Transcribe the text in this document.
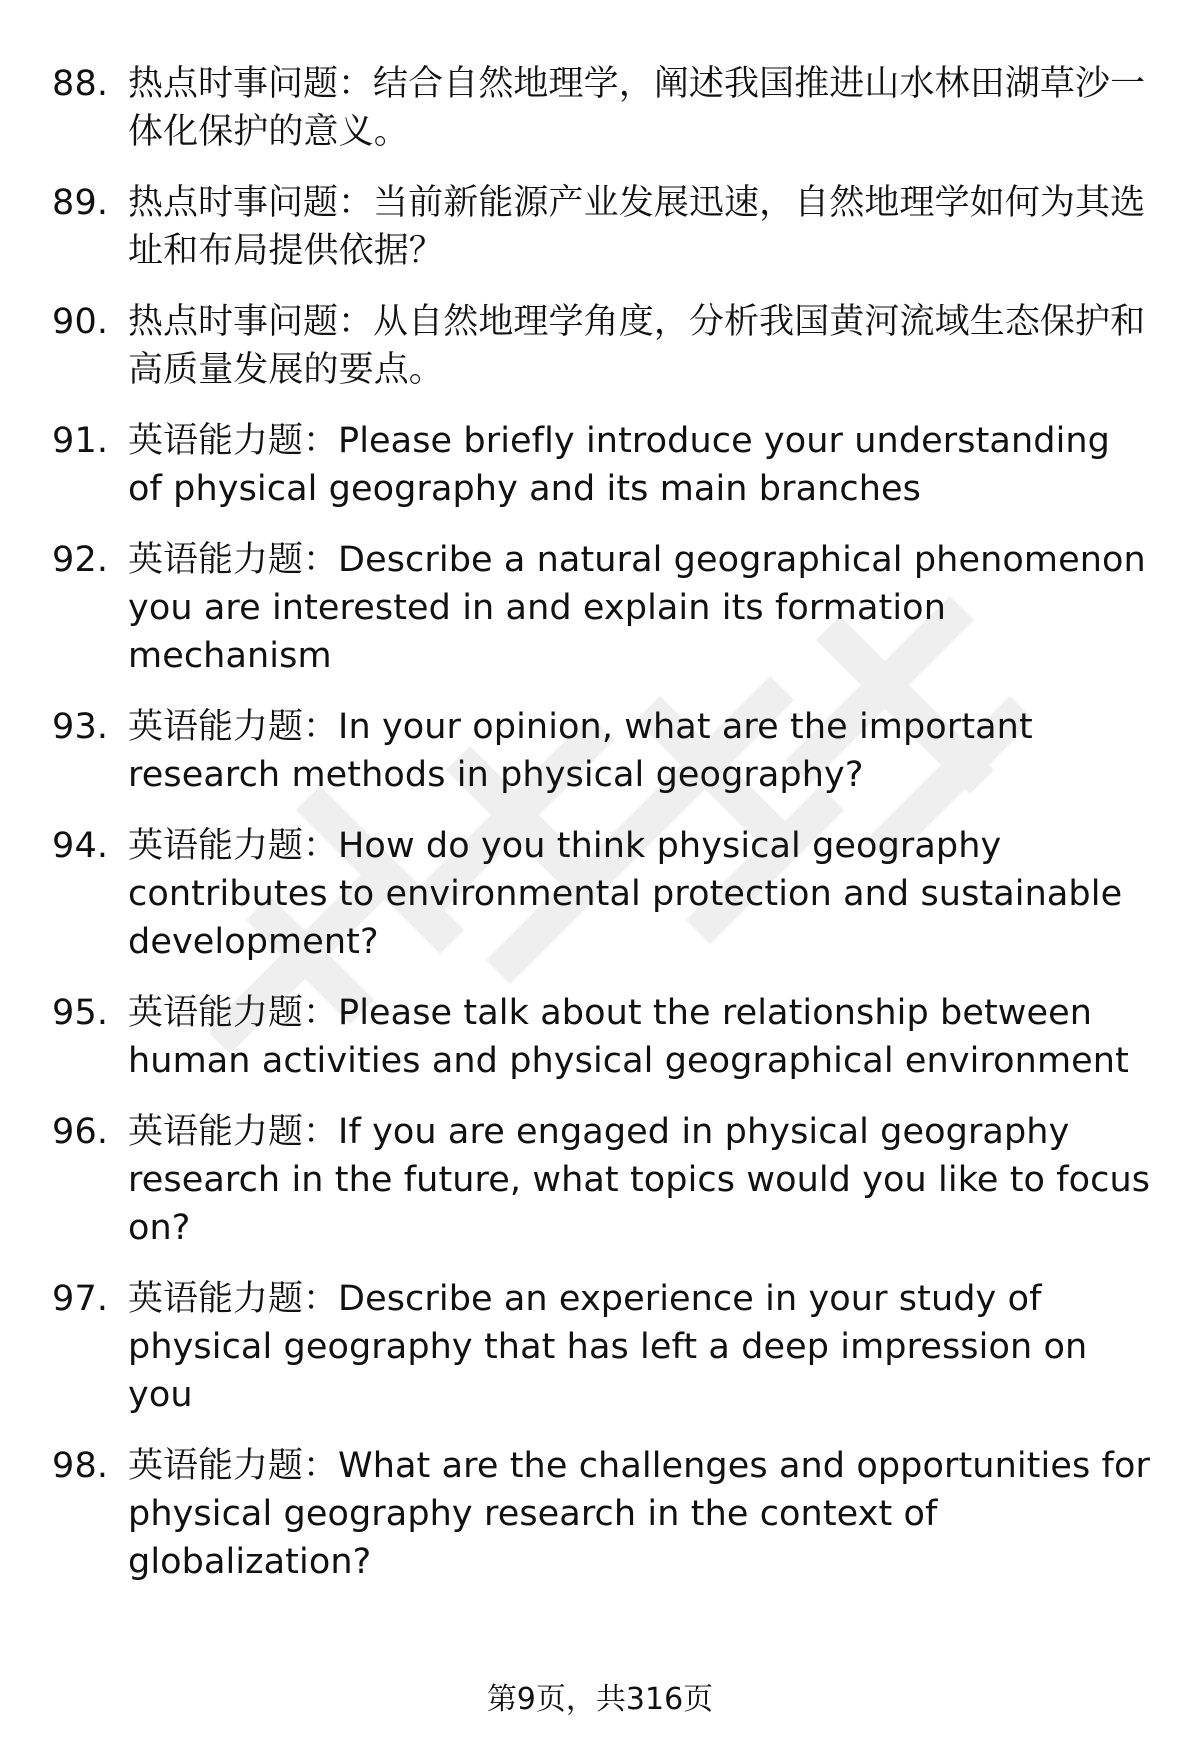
88. 热点时事问题：结合自然地理学，阐述我国推进山水林田湖草沙一体化保护的意义。
89. 热点时事问题：当前新能源产业发展迅速，自然地理学如何为其选址和布局提供依据？
90. 热点时事问题：从自然地理学角度，分析我国黄河流域生态保护和高质量发展的要点。
91. 英语能力题：Please briefly introduce your understanding of physical geography and its main branches
92. 英语能力题：Describe a natural geographical phenomenon you are interested in and explain its formation mechanism
93. 英语能力题：In your opinion, what are the important research methods in physical geography?
94. 英语能力题：How do you think physical geography contributes to environmental protection and sustainable development?
95. 英语能力题：Please talk about the relationship between human activities and physical geographical environment
96. 英语能力题：If you are engaged in physical geography research in the future, what topics would you like to focus on?
97. 英语能力题：Describe an experience in your study of physical geography that has left a deep impression on you
98. 英语能力题：What are the challenges and opportunities for physical geography research in the context of globalization?
第9页，共316页
